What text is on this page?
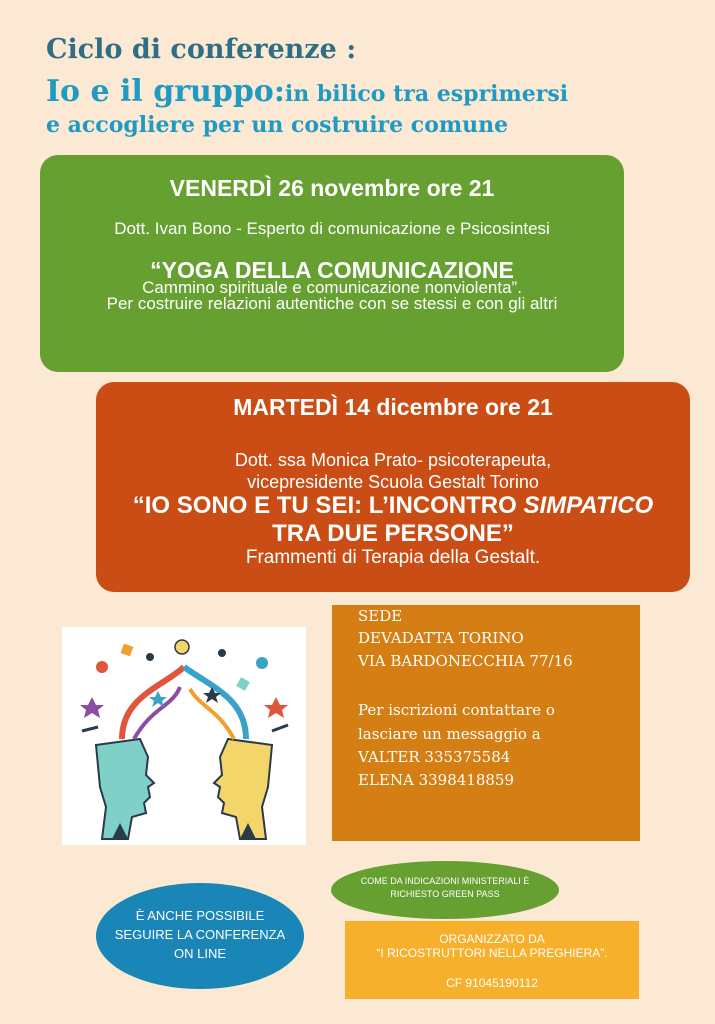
Ciclo di conferenze :
Io e il gruppo:in bilico tra esprimersi
e accogliere per un costruire comune
VENERDÌ 26 novembre ore 21
Dott. Ivan Bono - Esperto di comunicazione e Psicosintesi
“YOGA DELLA COMUNICAZIONE
Cammino spirituale e comunicazione nonviolenta”.
Per costruire relazioni autentiche con se stessi e con gli altri
MARTEDÌ 14 dicembre ore 21
Dott. ssa Monica Prato- psicoterapeuta, vicepresidente Scuola Gestalt Torino
“IO SONO E TU SEI: L’INCONTRO SIMPATICO
TRA DUE PERSONE”
Frammenti di Terapia della Gestalt.
SEDE
DEVADATTA TORINO
VIA BARDONECCHIA 77/16
Per iscrizioni contattare o
lasciare un messaggio a
VALTER 335375584
ELENA 3398418859
COME DA INDICAZIONI MINISTERIALI È
RICHIESTO GREEN PASS
È ANCHE POSSIBILE
SEGUIRE LA CONFERENZA
ON LINE
ORGANIZZATO DA
“I RICOSTRUTTORI NELLA PREGHIERA”.
CF 91045190112
